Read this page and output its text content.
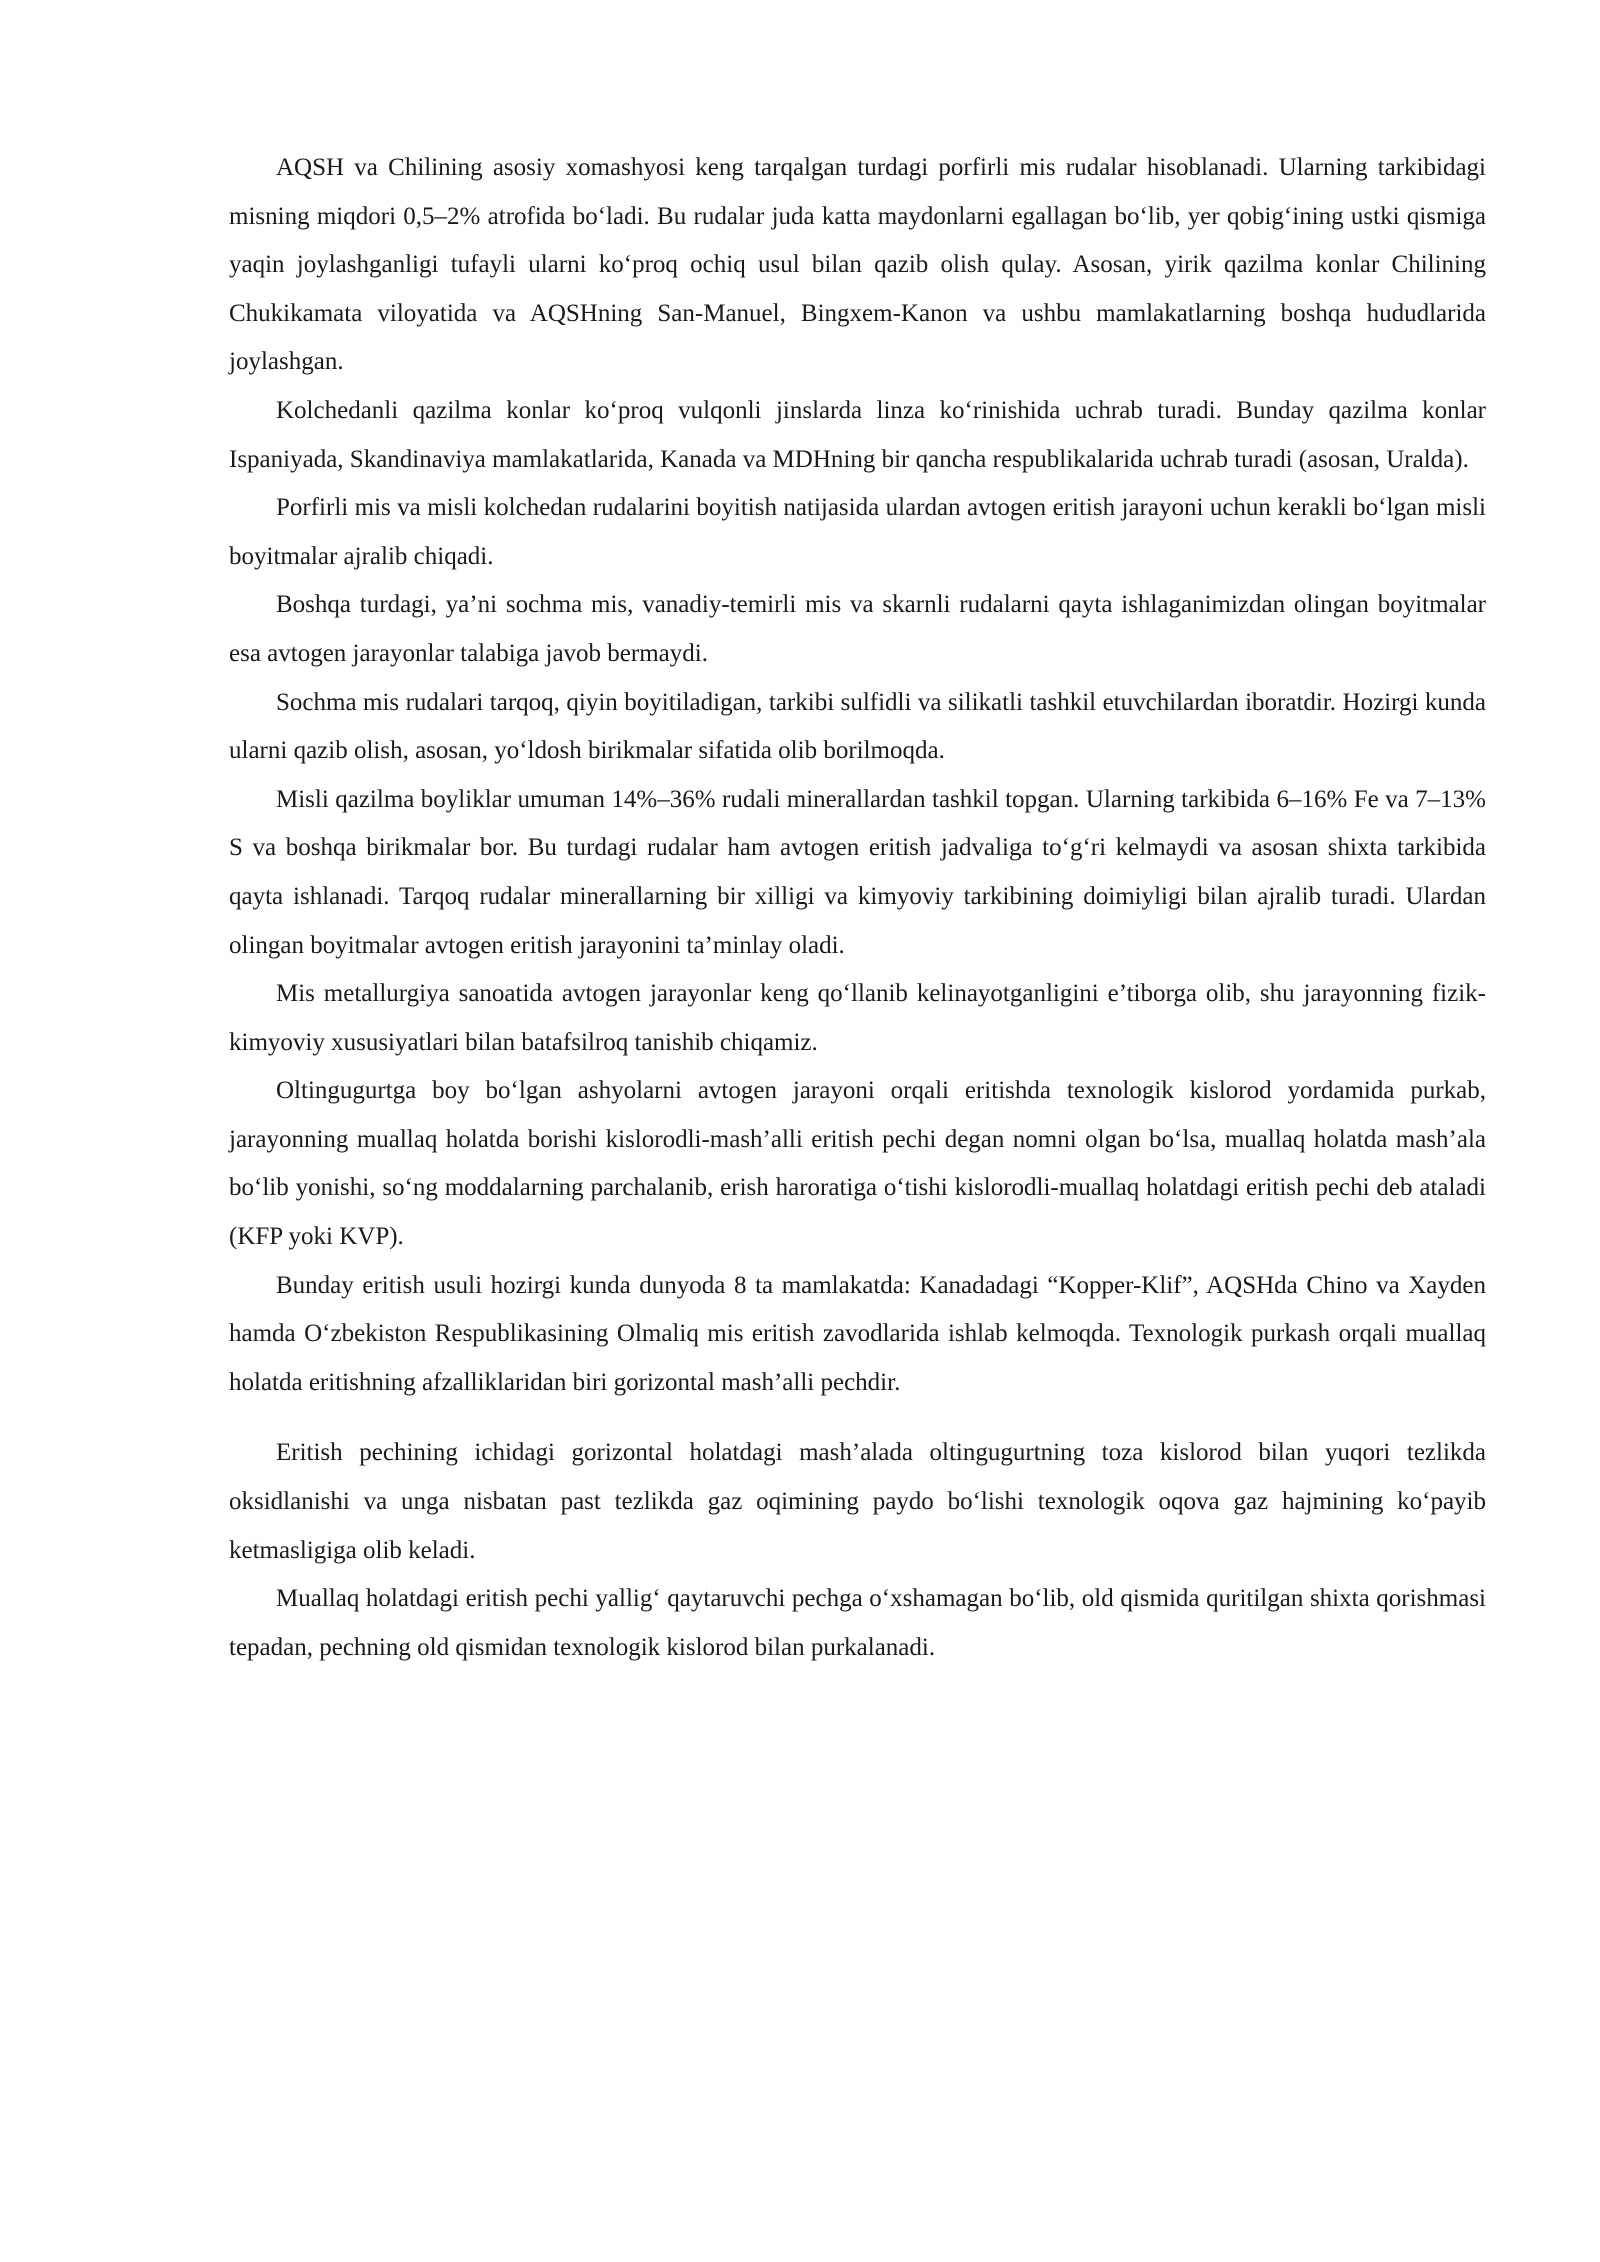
AQSH va Chilining asosiy xomashyosi keng tarqalgan turdagi porfirli mis rudalar hisoblanadi. Ularning tarkibidagi misning miqdori 0,5–2% atrofida bo‘ladi. Bu rudalar juda katta maydonlarni egallagan bo‘lib, yer qobig‘ining ustki qismiga yaqin joylashganligi tufayli ularni ko‘proq ochiq usul bilan qazib olish qulay. Asosan, yirik qazilma konlar Chilining Chukikamata viloyatida va AQSHning San-Manuel, Bingxem-Kanon va ushbu mamlakatlarning boshqa hududlarida joylashgan.

Kolchedanli qazilma konlar ko‘proq vulqonli jinslarda linza ko‘rinishida uchrab turadi. Bunday qazilma konlar Ispaniyada, Skandinaviya mamlakatlarida, Kanada va MDHning bir qancha respublikalarida uchrab turadi (asosan, Uralda).

Porfirli mis va misli kolchedan rudalarini boyitish natijasida ulardan avtogen eritish jarayoni uchun kerakli bo‘lgan misli boyitmalar ajralib chiqadi.

Boshqa turdagi, ya’ni sochma mis, vanadiy-temirli mis va skarnli rudalarni qayta ishlaganimizdan olingan boyitmalar esa avtogen jarayonlar talabiga javob bermaydi.

Sochma mis rudalari tarqoq, qiyin boyitiladigan, tarkibi sulfidli va silikatli tashkil etuvchilardan iboratdir. Hozirgi kunda ularni qazib olish, asosan, yo‘ldosh birikmalar sifatida olib borilmoqda.

Misli qazilma boyliklar umuman 14%–36% rudali minerallardan tashkil topgan. Ularning tarkibida 6–16% Fe va 7–13% S va boshqa birikmalar bor. Bu turdagi rudalar ham avtogen eritish jadvaliga to‘g‘ri kelmaydi va asosan shixta tarkibida qayta ishlanadi. Tarqoq rudalar minerallarning bir xilligi va kimyoviy tarkibining doimiyligi bilan ajralib turadi. Ulardan olingan boyitmalar avtogen eritish jarayonini ta’minlay oladi.

Mis metallurgiya sanoatida avtogen jarayonlar keng qo‘llanib kelinayotganligini e’tiborga olib, shu jarayonning fizik-kimyoviy xususiyatlari bilan batafsilroq tanishib chiqamiz.

Oltingugurtga boy bo‘lgan ashyolarni avtogen jarayoni orqali eritishda texnologik kislorod yordamida purkab, jarayonning muallaq holatda borishi kislorodli-mash’alli eritish pechi degan nomni olgan bo‘lsa, muallaq holatda mash’ala bo‘lib yonishi, so‘ng moddalarning parchalanib, erish haroratiga o‘tishi kislorodli-muallaq holatdagi eritish pechi deb ataladi (KFP yoki KVP).

Bunday eritish usuli hozirgi kunda dunyoda 8 ta mamlakatda: Kanadadagi “Kopper-Klif”, AQSHda Chino va Xayden hamda O‘zbekiston Respublikasining Olmaliq mis eritish zavodlarida ishlab kelmoqda. Texnologik purkash orqali muallaq holatda eritishning afzalliklaridan biri gorizontal mash’alli pechdir.

Eritish pechining ichidagi gorizontal holatdagi mash’alada oltingugurtning toza kislorod bilan yuqori tezlikda oksidlanishi va unga nisbatan past tezlikda gaz oqimining paydo bo‘lishi texnologik oqova gaz hajmining ko‘payib ketmasligiga olib keladi.

Muallaq holatdagi eritish pechi yallig‘ qaytaruvchi pechga o‘xshamagan bo‘lib, old qismida quritilgan shixta qorishmasi tepadan, pechning old qismidan texnologik kislorod bilan purkalanadi.
